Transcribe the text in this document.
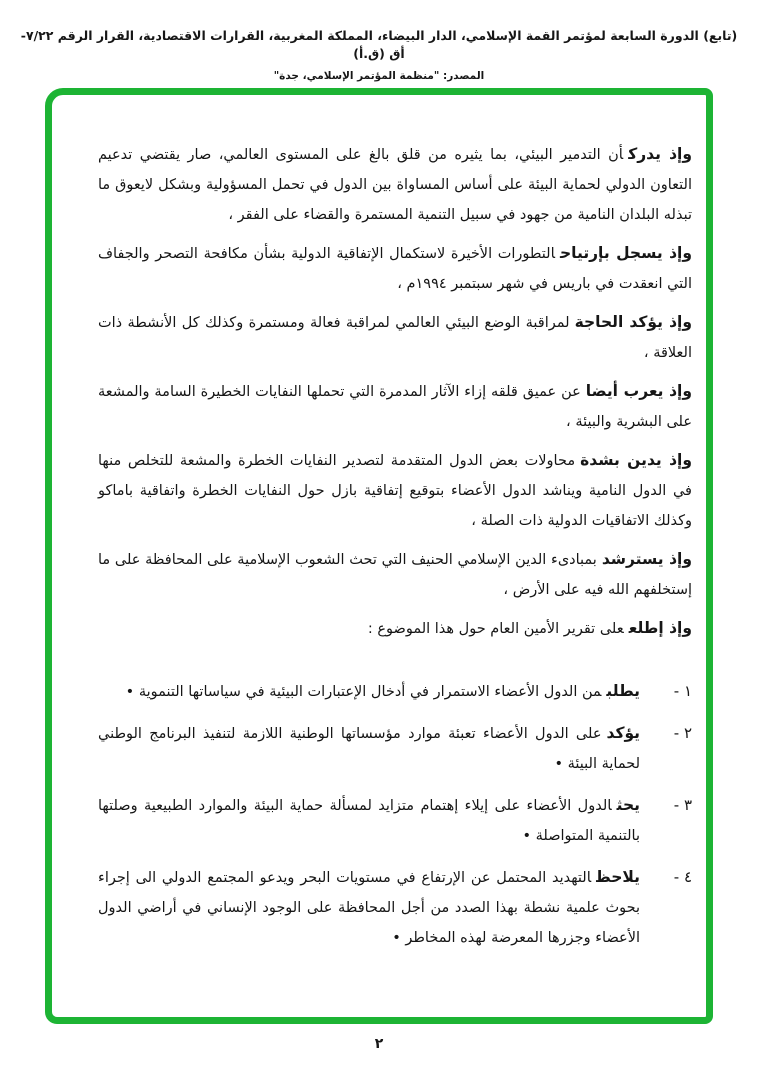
(تابع) الدورة السابعة لمؤتمر القمة الإسلامي، الدار البيضاء، المملكة المغربية، القرارات الاقتصادية، القرار الرقم ٧/٢٢-أق (ق.أ)
المصدر: "منظمة المؤتمر الإسلامي، جدة"

وإذ يدركأن التدمير البيئي، بما يثيره من قلق بالغ على المستوى العالمي، صار يقتضي تدعيم التعاون الدولي لحماية البيئة على أساس المساواة بين الدول في تحمل المسؤولية وبشكل لايعوق ما تبذله البلدان النامية من جهود في سبيل التنمية المستمرة والقضاء على الفقر ،

وإذ يسجل بإرتياحالتطورات الأخيرة لاستكمال الإتفاقية الدولية بشأن مكافحة التصحر والجفاف التي انعقدت في باريس في شهر سبتمبر ١٩٩٤م ،

وإذ يؤكد الحاجةلمراقبة الوضع البيئي العالمي لمراقبة فعالة ومستمرة وكذلك كل الأنشطة ذات العلاقة ،

وإذ يعرب أيضاعن عميق قلقه إزاء الآثار المدمرة التي تحملها النفايات الخطيرة السامة والمشعة على البشرية والبيئة ،

وإذ يدين بشدةمحاولات بعض الدول المتقدمة لتصدير النفايات الخطرة والمشعة للتخلص منها في الدول النامية ويناشد الدول الأعضاء بتوقيع إتفاقية بازل حول النفايات الخطرة واتفاقية باماكو وكذلك الاتفاقيات الدولية ذات الصلة ،

وإذ يسترشدبمبادىء الدين الإسلامي الحنيف التي تحث الشعوب الإسلامية على المحافظة على ما إستخلفهم الله فيه على الأرض ،

وإذ إطلععلى تقرير الأمين العام حول هذا الموضوع :

١ -

يطلبمن الدول الأعضاء الاستمرار في أدخال الإعتبارات البيئية في سياساتها التنموية •

٢ -

يؤكدعلى الدول الأعضاء تعبئة موارد مؤسساتها الوطنية اللازمة لتنفيذ البرنامج الوطني لحماية البيئة •

٣ -

يحثالدول الأعضاء على إيلاء إهتمام متزايد لمسألة حماية البيئة والموارد الطبيعية وصلتها بالتنمية المتواصلة •

٤ -

يلاحظالتهديد المحتمل عن الإرتفاع في مستويات البحر ويدعو المجتمع الدولي الى إجراء بحوث علمية نشطة بهذا الصدد من أجل المحافظة على الوجود الإنساني في أراضي الدول الأعضاء وجزرها المعرضة لهذه المخاطر •

٢
